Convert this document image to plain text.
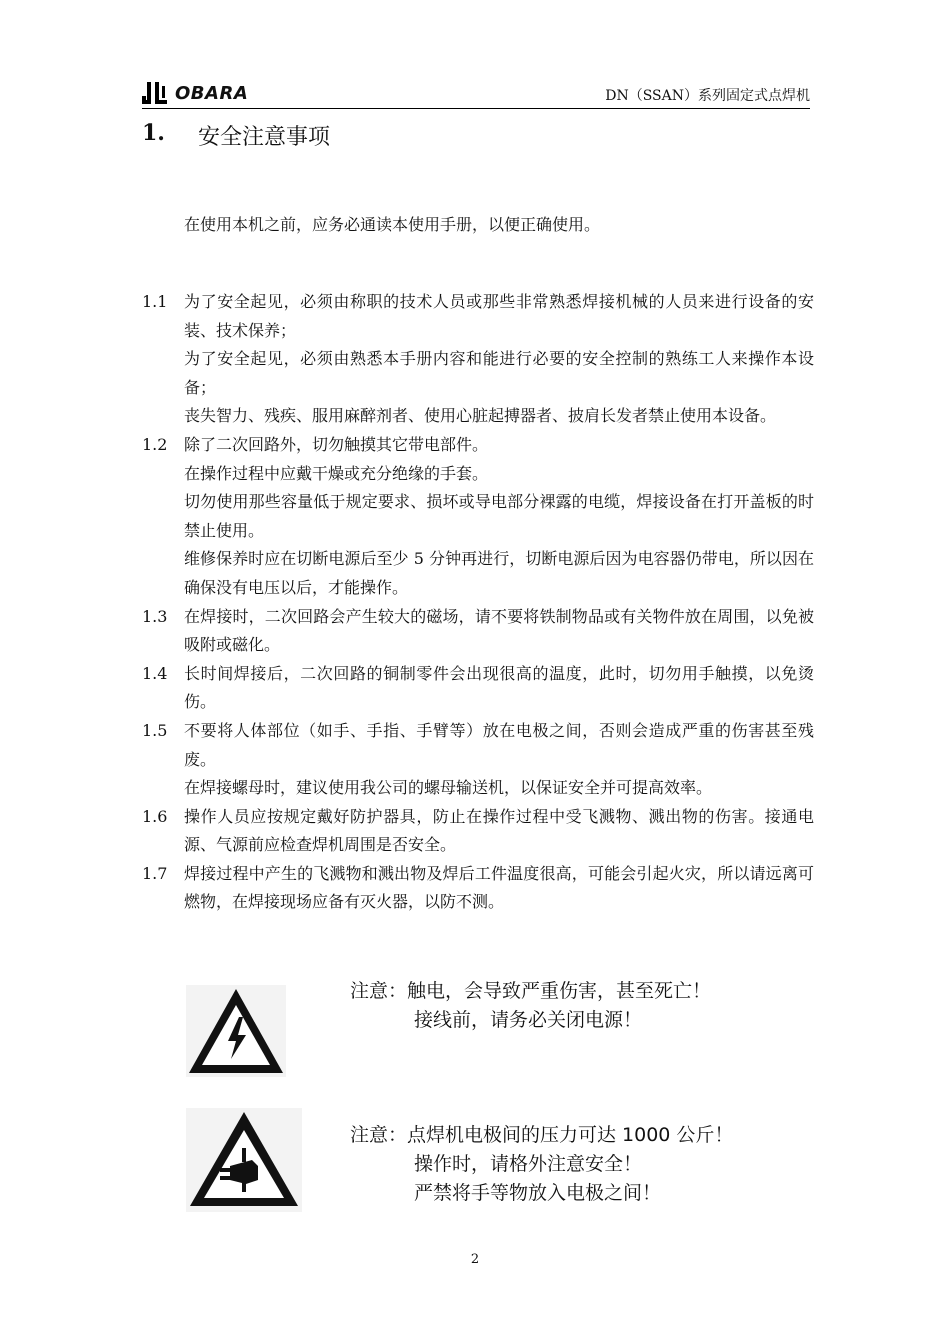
OBARA	DN（SSAN）系列固定式点焊机
1.	安全注意事项
在使用本机之前，应务必通读本使用手册，以便正确使用。
1.1	为了安全起见，必须由称职的技术人员或那些非常熟悉焊接机械的人员来进行设备的安装、技术保养；
为了安全起见，必须由熟悉本手册内容和能进行必要的安全控制的熟练工人来操作本设备；
丧失智力、残疾、服用麻醉剂者、使用心脏起搏器者、披肩长发者禁止使用本设备。
1.2	除了二次回路外，切勿触摸其它带电部件。
在操作过程中应戴干燥或充分绝缘的手套。
切勿使用那些容量低于规定要求、损坏或导电部分裸露的电缆，焊接设备在打开盖板的时禁止使用。
维修保养时应在切断电源后至少 5 分钟再进行，切断电源后因为电容器仍带电，所以因在确保没有电压以后，才能操作。
1.3	在焊接时，二次回路会产生较大的磁场，请不要将铁制物品或有关物件放在周围，以免被吸附或磁化。
1.4	长时间焊接后，二次回路的铜制零件会出现很高的温度，此时，切勿用手触摸，以免烫伤。
1.5	不要将人体部位（如手、手指、手臂等）放在电极之间，否则会造成严重的伤害甚至残废。
在焊接螺母时，建议使用我公司的螺母输送机，以保证安全并可提高效率。
1.6	操作人员应按规定戴好防护器具，防止在操作过程中受飞溅物、溅出物的伤害。接通电源、气源前应检查焊机周围是否安全。
1.7	焊接过程中产生的飞溅物和溅出物及焊后工件温度很高，可能会引起火灾，所以请远离可燃物，在焊接现场应备有灭火器，以防不测。
注意：触电，会导致严重伤害，甚至死亡！
接线前，请务必关闭电源！
注意：点焊机电极间的压力可达 1000 公斤！
操作时，请格外注意安全！
严禁将手等物放入电极之间！
2
